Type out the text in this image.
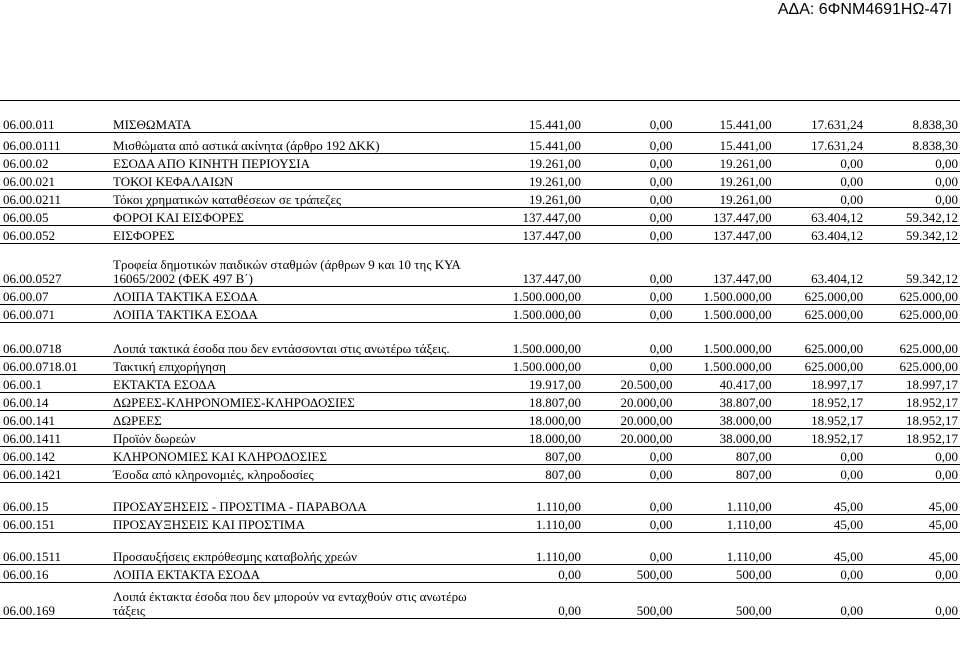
ΑΔΑ: 6ΦΝΜ4691ΗΩ-47Ι
06.00.011	ΜΙΣΘΩΜΑΤΑ	15.441,00	0,00	15.441,00	17.631,24	8.838,30
06.00.0111	Μισθώματα από αστικά ακίνητα (άρθρο 192 ΔΚΚ)	15.441,00	0,00	15.441,00	17.631,24	8.838,30
06.00.02	ΕΣΟΔΑ ΑΠΟ ΚΙΝΗΤΗ ΠΕΡΙΟΥΣΙΑ	19.261,00	0,00	19.261,00	0,00	0,00
06.00.021	ΤΟΚΟΙ ΚΕΦΑΛΑΙΩΝ	19.261,00	0,00	19.261,00	0,00	0,00
06.00.0211	Τόκοι χρηματικών καταθέσεων σε τράπεζες	19.261,00	0,00	19.261,00	0,00	0,00
06.00.05	ΦΟΡΟΙ ΚΑΙ ΕΙΣΦΟΡΕΣ	137.447,00	0,00	137.447,00	63.404,12	59.342,12
06.00.052	ΕΙΣΦΟΡΕΣ	137.447,00	0,00	137.447,00	63.404,12	59.342,12
06.00.0527	Τροφεία δημοτικών παιδικών σταθμών (άρθρων 9 και 10 της ΚΥΑ 16065/2002 (ΦΕΚ 497 Β΄)	137.447,00	0,00	137.447,00	63.404,12	59.342,12
06.00.07	ΛΟΙΠΑ ΤΑΚΤΙΚΑ ΕΣΟΔΑ	1.500.000,00	0,00	1.500.000,00	625.000,00	625.000,00
06.00.071	ΛΟΙΠΑ ΤΑΚΤΙΚΑ ΕΣΟΔΑ	1.500.000,00	0,00	1.500.000,00	625.000,00	625.000,00
06.00.0718	Λοιπά τακτικά έσοδα που δεν εντάσσονται στις ανωτέρω τάξεις.	1.500.000,00	0,00	1.500.000,00	625.000,00	625.000,00
06.00.0718.01	Τακτική επιχορήγηση	1.500.000,00	0,00	1.500.000,00	625.000,00	625.000,00
06.00.1	ΕΚΤΑΚΤΑ ΕΣΟΔΑ	19.917,00	20.500,00	40.417,00	18.997,17	18.997,17
06.00.14	ΔΩΡΕΕΣ-ΚΛΗΡΟΝΟΜΙΕΣ-ΚΛΗΡΟΔΟΣΙΕΣ	18.807,00	20.000,00	38.807,00	18.952,17	18.952,17
06.00.141	ΔΩΡΕΕΣ	18.000,00	20.000,00	38.000,00	18.952,17	18.952,17
06.00.1411	Προϊόν δωρεών	18.000,00	20.000,00	38.000,00	18.952,17	18.952,17
06.00.142	ΚΛΗΡΟΝΟΜΙΕΣ ΚΑΙ ΚΛΗΡΟΔΟΣΙΕΣ	807,00	0,00	807,00	0,00	0,00
06.00.1421	Έσοδα από κληρονομιές, κληροδοσίες	807,00	0,00	807,00	0,00	0,00
06.00.15	ΠΡΟΣΑΥΞΗΣΕΙΣ - ΠΡΟΣΤΙΜΑ - ΠΑΡΑΒΟΛΑ	1.110,00	0,00	1.110,00	45,00	45,00
06.00.151	ΠΡΟΣΑΥΞΗΣΕΙΣ ΚΑΙ ΠΡΟΣΤΙΜΑ	1.110,00	0,00	1.110,00	45,00	45,00
06.00.1511	Προσαυξήσεις εκπρόθεσμης καταβολής χρεών	1.110,00	0,00	1.110,00	45,00	45,00
06.00.16	ΛΟΙΠΑ ΕΚΤΑΚΤΑ ΕΣΟΔΑ	0,00	500,00	500,00	0,00	0,00
06.00.169	Λοιπά έκτακτα έσοδα που δεν μπορούν να ενταχθούν στις ανωτέρω τάξεις	0,00	500,00	500,00	0,00	0,00
